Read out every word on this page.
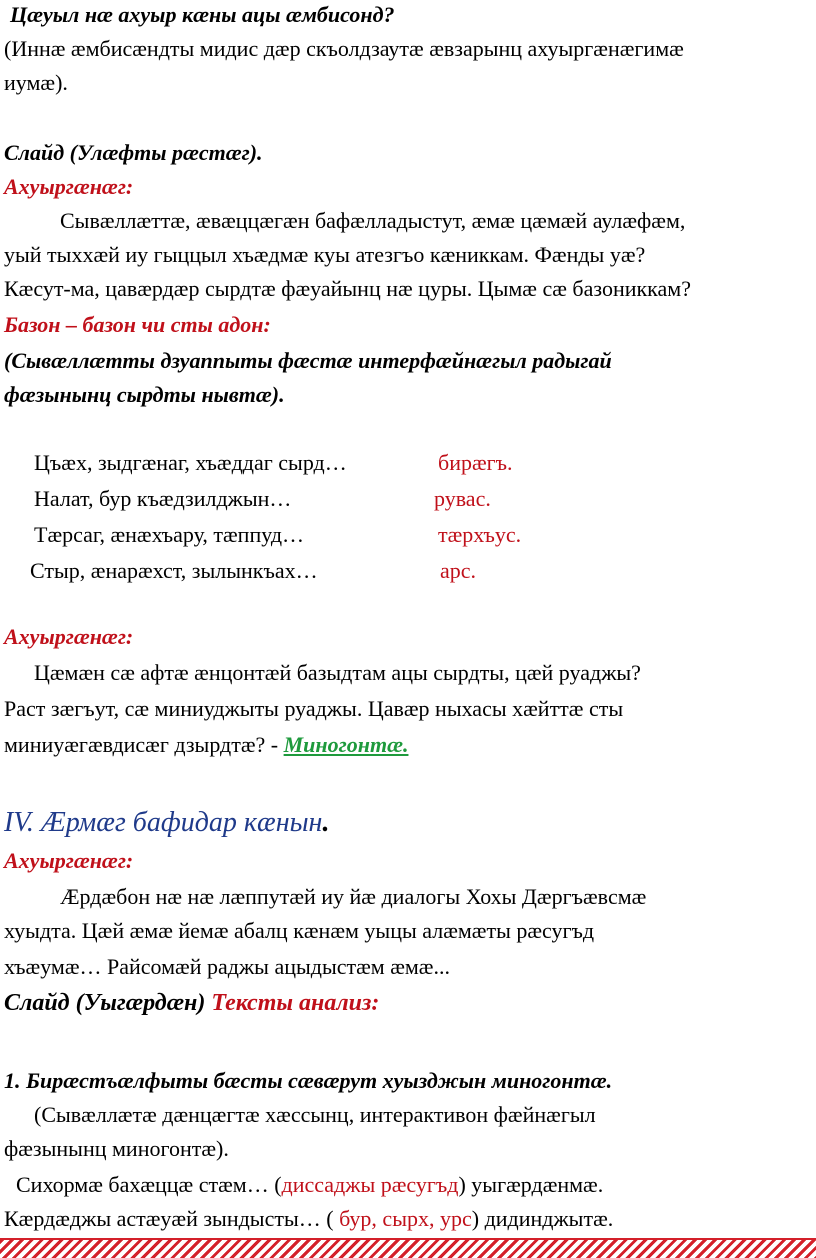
Цæуыл нæ ахуыр кæны ацы æмбисонд?
(Иннæ æмбисæндты мидис дæр скъолдзаутæ æвзарынц ахуыргæнæгимæ
иумæ).
Слайд (Улæфты рæстæг).
Ахуыргæнæг:
Сывæллæттæ, æвæццæгæн бафæлладыстут, æмæ цæмæй аулæфæм,
уый тыххæй иу гыццыл хъæдмæ куы атезгъо кæниккам. Фæнды уæ?
Кæсут-ма, цавæрдæр сырдтæ фæуайынц нæ цуры. Цымæ сæ базониккам?
Базон – базон чи сты адон:
(Сывæллæтты дзуаппыты фæстæ интерфæйнæгыл радыгай
фæзынынц сырдты нывтæ).
Цъæх, зыдгæнаг, хъæддаг сырд…	бирæгъ.
Налат, бур къæдзилджын…	рувас.
Тæрсаг, æнæхъару, тæппуд…	тæрхъус.
Стыр, æнарæхст, зылынкъах…	арс.
Ахуыргæнæг:
Цæмæн сæ афтæ æнцонтæй базыдтам ацы сырдты, цæй руаджы?
Раст зæгъут, сæ миниуджыты руаджы. Цавæр ныхасы хæйттæ сты
миниуæгæвдисæг дзырдтæ? - Миногонтæ.
IV. Æрмæг бафидар кæнын.
Ахуыргæнæг:
Æрдæбон нæ нæ лæппутæй иу йæ диалогы Хохы Дæргъæвсмæ
хуыдта. Цæй æмæ йемæ абалц кæнæм уыцы алæмæты рæсугъд
хъæумæ… Райсомæй раджы ацыдыстæм æмæ...
Слайд (Уыгæрдæн) Тексты анализ:
1. Бирæстъæлфыты бæсты сæвæрут хуызджын миногонтæ.
(Сывæллæтæ дæнцæгтæ хæссынц, интерактивон фæйнæгыл
фæзынынц миногонтæ).
Сихормæ бахæццæ стæм… (диссаджы рæсугъд) уыгæрдæнмæ.
Кæрдæджы астæуæй зындысты… ( бур, сырх, урс) дидинджытæ.
